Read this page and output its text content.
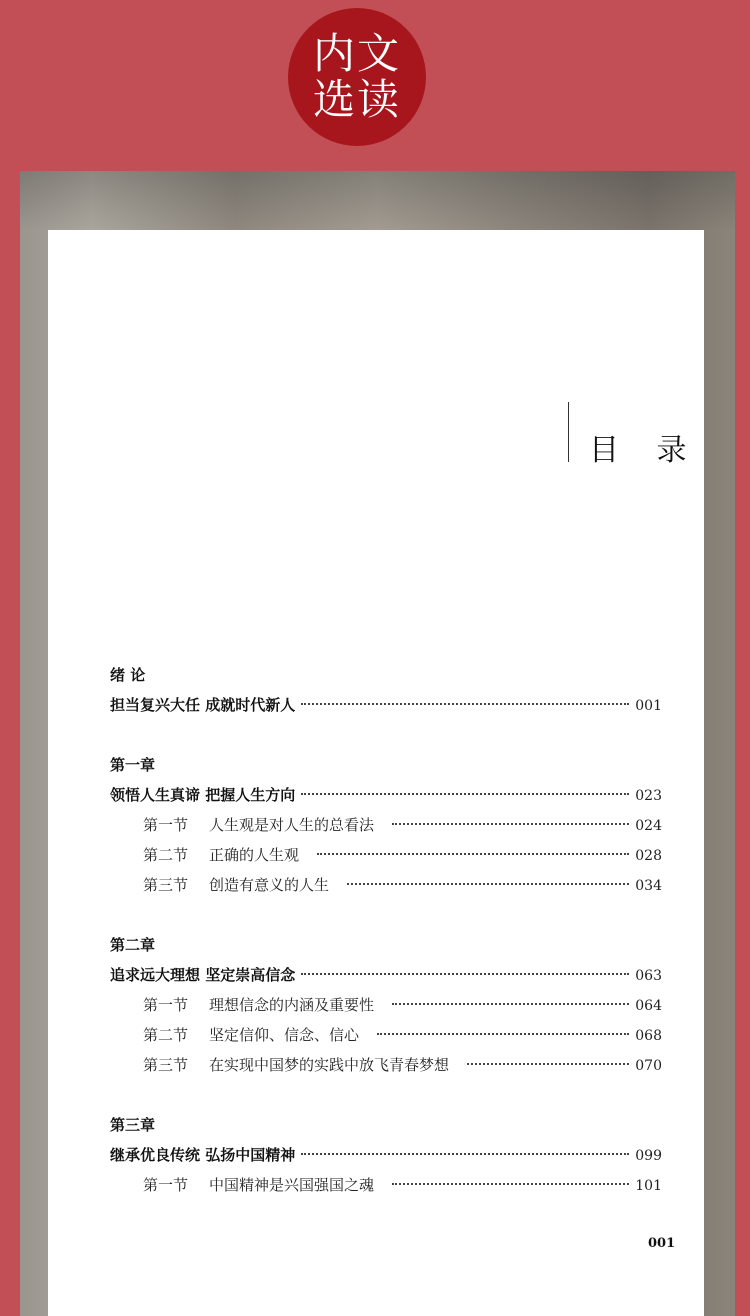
内文
选读
目 录
绪 论
担当复兴大任 成就时代新人	001
第一章
领悟人生真谛 把握人生方向	023
第一节	人生观是对人生的总看法	024
第二节	正确的人生观	028
第三节	创造有意义的人生	034
第二章
追求远大理想 坚定崇高信念	063
第一节	理想信念的内涵及重要性	064
第二节	坚定信仰、信念、信心	068
第三节	在实现中国梦的实践中放飞青春梦想	070
第三章
继承优良传统 弘扬中国精神	099
第一节	中国精神是兴国强国之魂	101
001
